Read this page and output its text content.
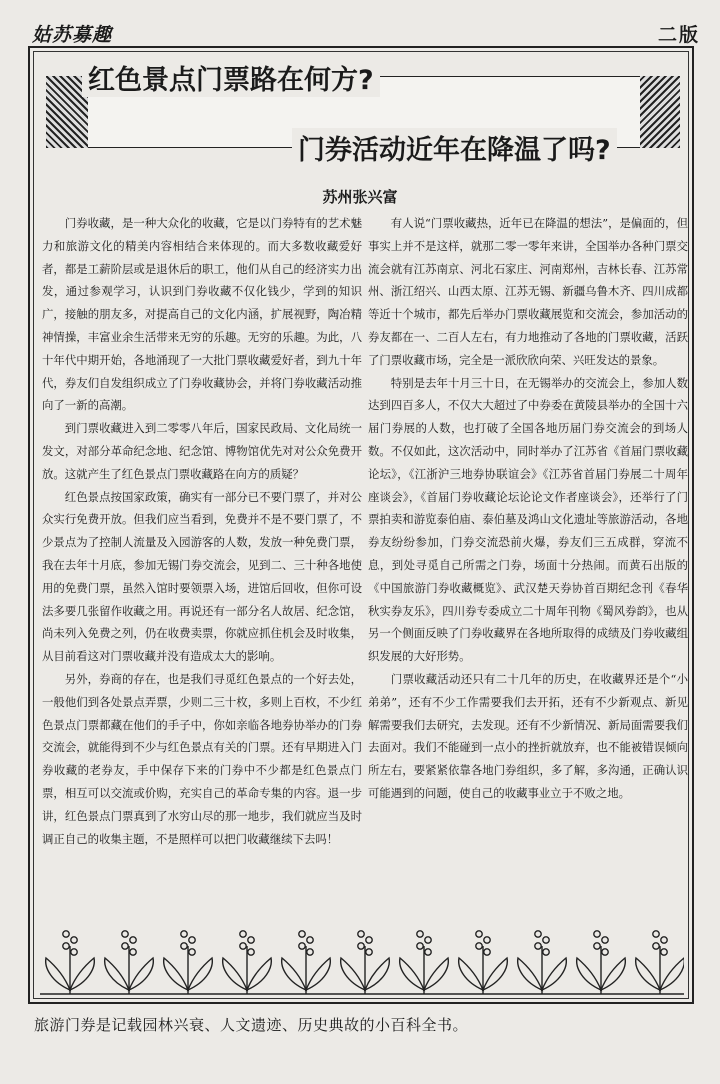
姑苏募趣	二版
红色景点门票路在何方?
门券活动近年在降温了吗?
苏州张兴富

门券收藏，是一种大众化的收藏，它是以门券特有的艺术魅力和旅游文化的精美内容相结合来体现的。而大多数收藏爱好者，都是工薪阶层或是退休后的职工，他们从自己的经济实力出发，通过参观学习，认识到门券收藏不仅化钱少，学到的知识广，接触的朋友多，对提高自己的文化内涵，扩展视野，陶冶精神情操，丰富业余生活带来无穷的乐趣。无穷的乐趣。为此，八十年代中期开始，各地涌现了一大批门票收藏爱好者，到九十年代，券友们自发组织成立了门券收藏协会，并将门券收藏活动推向了一新的高潮。

到门票收藏进入到二零零八年后，国家民政局、文化局统一发文，对部分革命纪念地、纪念馆、博物馆优先对对公众免费开放。这就产生了红色景点门票收藏路在向方的质疑？

红色景点按国家政策，确实有一部分已不要门票了，并对公众实行免费开放。但我们应当看到，免费并不是不要门票了，不少景点为了控制人流量及入园游客的人数，发放一种免费门票，我在去年十月底，参加无锡门券交流会，见到二、三十种各地使用的免费门票，虽然入馆时要领票入场，进馆后回收，但你可设法多要几张留作收藏之用。再说还有一部分名人故居、纪念馆，尚未列入免费之列，仍在收费卖票，你就应抓住机会及时收集，从目前看这对门票收藏并没有造成太大的影响。

另外，券商的存在，也是我们寻觅红色景点的一个好去处，一般他们到各处景点弄票，少则二三十枚，多则上百枚，不少红色景点门票都藏在他们的手子中，你如亲临各地券协举办的门券交流会，就能得到不少与红色景点有关的门票。还有早期进入门券收藏的老券友，手中保存下来的门券中不少都是红色景点门票，相互可以交流或价购，充实自己的革命专集的内容。退一步讲，红色景点门票真到了水穷山尽的那一地步，我们就应当及时调正自己的收集主题，不是照样可以把门收藏继续下去吗！

有人说“门票收藏热，近年已在降温的想法”，是偏面的，但事实上并不是这样，就那二零一零年来讲，全国举办各种门票交流会就有江苏南京、河北石家庄、河南郑州，吉林长春、江苏常州、浙江绍兴、山西太原、江苏无锡、新疆乌鲁木齐、四川成都等近十个城市，都先后举办门票收藏展览和交流会，参加活动的券友都在一、二百人左右，有力地推动了各地的门票收藏，活跃了门票收藏市场，完全是一派欣欣向荣、兴旺发达的景象。

特别是去年十月三十日，在无锡举办的交流会上，参加人数达到四百多人，不仅大大超过了中券委在黄陵县举办的全国十六届门券展的人数，也打破了全国各地历届门券交流会的到场人数。不仅如此，这次活动中，同时举办了江苏省《首届门票收藏论坛》，《江浙沪三地券协联谊会》《江苏省首届门券展二十周年座谈会》，《首届门券收藏论坛论论文作者座谈会》，还举行了门票拍卖和游览泰伯庙、泰伯墓及鸿山文化遗址等旅游活动，各地券友纷纷参加，门券交流恐前火爆，券友们三五成群，穿流不息，到处寻觅自己所需之门券，场面十分热闹。而黄石出版的《中国旅游门券收藏概览》、武汉楚天券协首百期纪念刊《春华秋实券友乐》，四川券专委成立二十周年刊物《蜀风券韵》，也从另一个侧面反映了门券收藏界在各地所取得的成绩及门券收藏组织发展的大好形势。

门票收藏活动还只有二十几年的历史，在收藏界还是个“小弟弟”，还有不少工作需要我们去开拓，还有不少新观点、新见解需要我们去研究，去发现。还有不少新情况、新局面需要我们去面对。我们不能碰到一点小的挫折就放弃，也不能被错误倾向所左右，要紧紧依靠各地门券组织，多了解，多沟通，正确认识可能遇到的问题，使自己的收藏事业立于不败之地。

旅游门券是记载园林兴衰、人文遗迹、历史典故的小百科全书。
